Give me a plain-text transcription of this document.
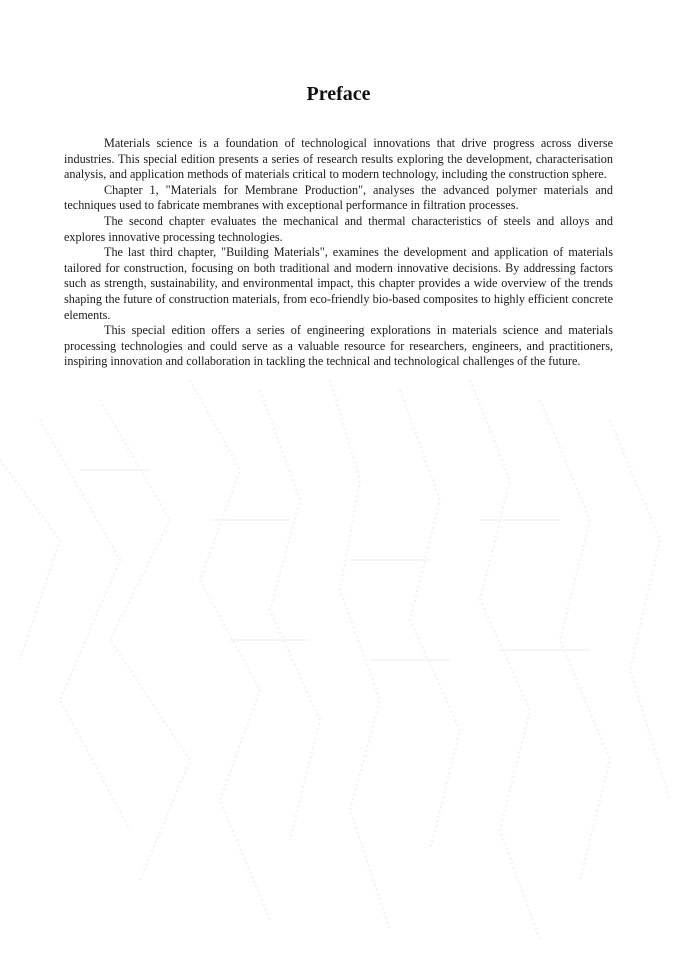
Preface

Materials science is a foundation of technological innovations that drive progress across diverse industries. This special edition presents a series of research results exploring the development, characterisation analysis, and application methods of materials critical to modern technology, including the construction sphere.

Chapter 1, "Materials for Membrane Production", analyses the advanced polymer materials and techniques used to fabricate membranes with exceptional performance in filtration processes.

The second chapter evaluates the mechanical and thermal characteristics of steels and alloys and explores innovative processing technologies.

The last third chapter, "Building Materials", examines the development and application of materials tailored for construction, focusing on both traditional and modern innovative decisions. By addressing factors such as strength, sustainability, and environmental impact, this chapter provides a wide overview of the trends shaping the future of construction materials, from eco-friendly bio-based composites to highly efficient concrete elements.

This special edition offers a series of engineering explorations in materials science and materials processing technologies and could serve as a valuable resource for researchers, engineers, and practitioners, inspiring innovation and collaboration in tackling the technical and technological challenges of the future.
